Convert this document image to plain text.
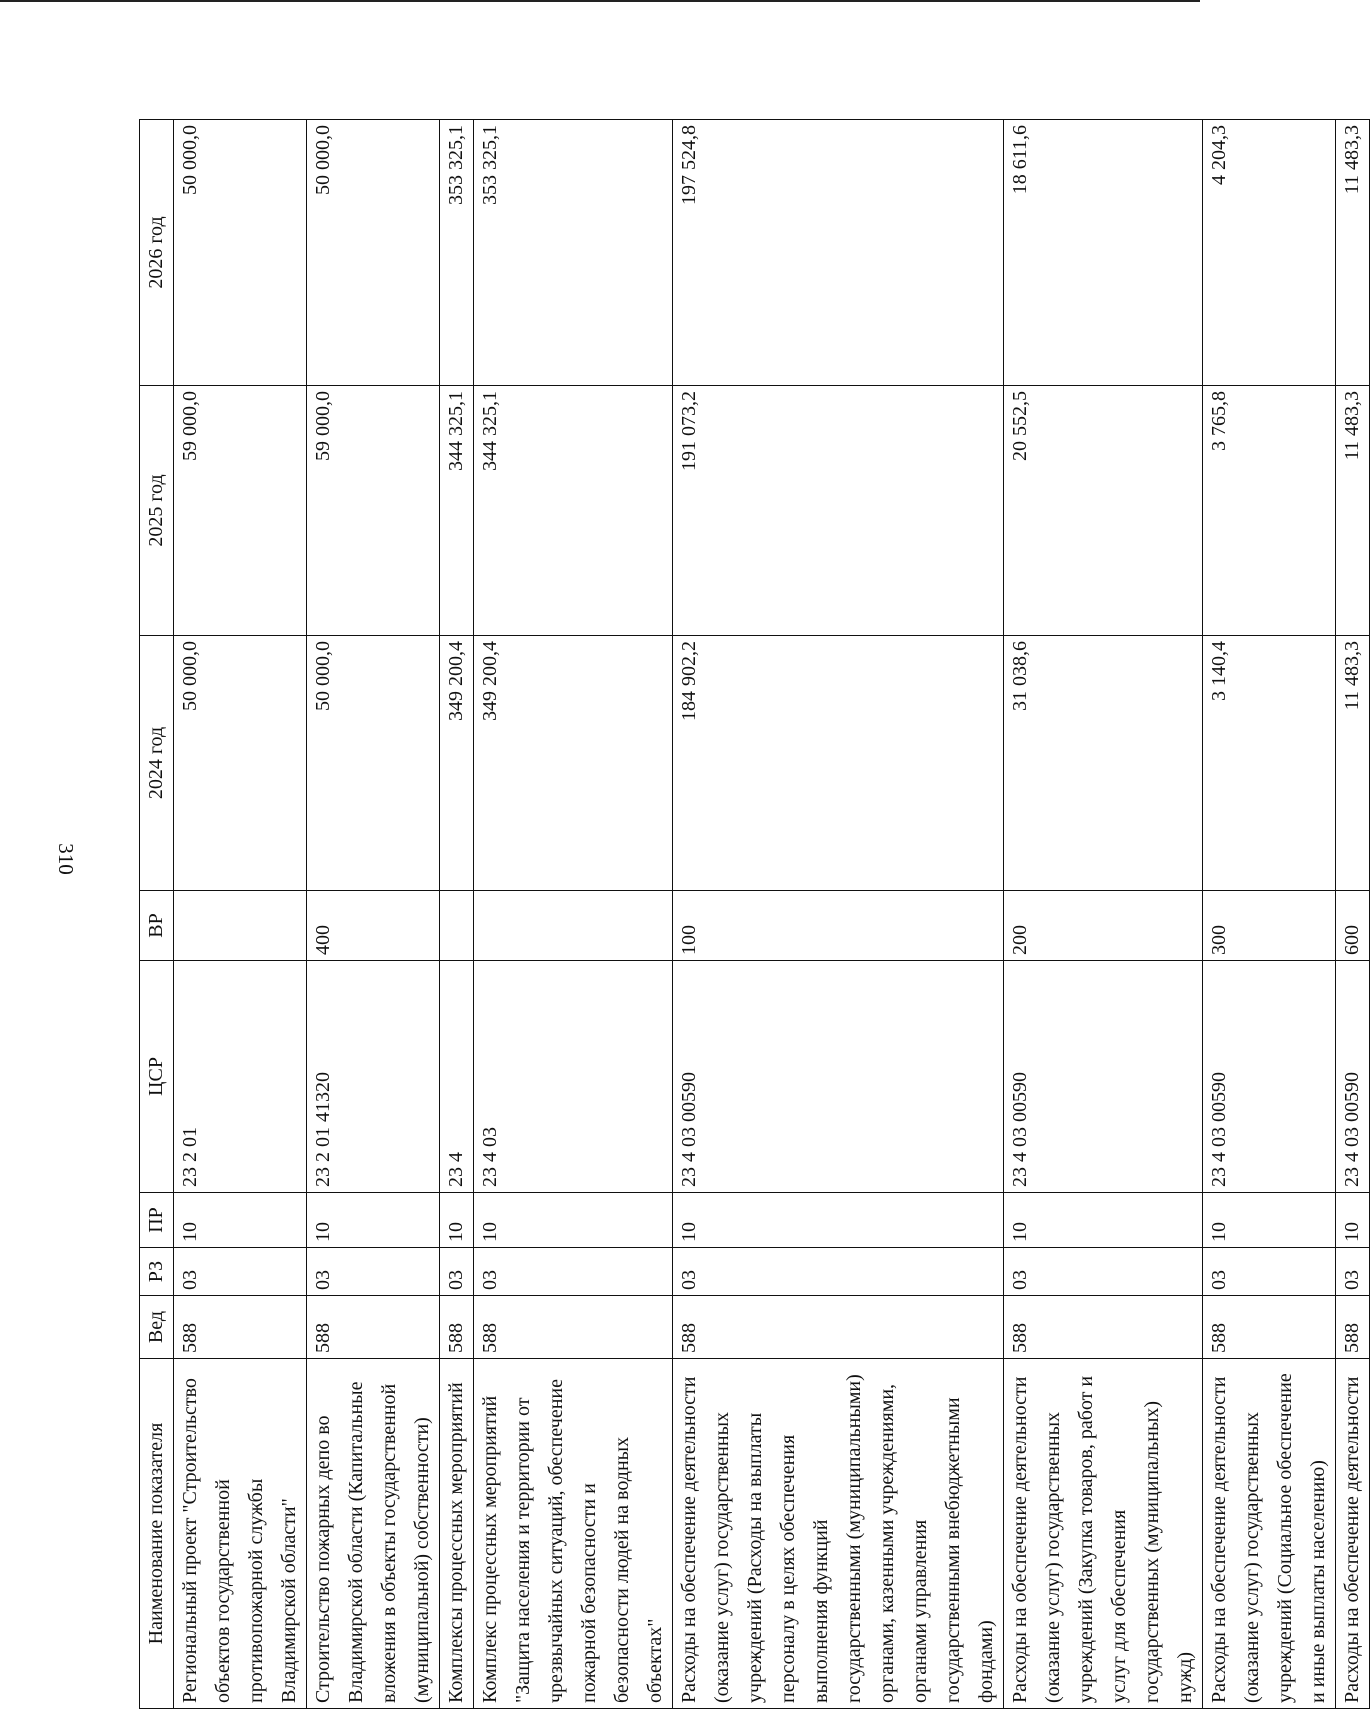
310
Наименование показателя	Вед	РЗ	ПР	ЦСР	ВР	2024 год	2025 год	2026 год
Региональный проект "Строительство объектов государственной противопожарной службы Владимирской области"	588	03	10	23 2 01		50 000,0	59 000,0	50 000,0
Строительство пожарных депо во Владимирской области (Капитальные вложения в объекты государственной (муниципальной) собственности)	588	03	10	23 2 01 41320	400	50 000,0	59 000,0	50 000,0
Комплексы процессных мероприятий	588	03	10	23 4		349 200,4	344 325,1	353 325,1
Комплекс процессных мероприятий "Защита населения и территории от чрезвычайных ситуаций, обеспечение пожарной безопасности и безопасности людей на водных объектах"	588	03	10	23 4 03		349 200,4	344 325,1	353 325,1
Расходы на обеспечение деятельности (оказание услуг) государственных учреждений (Расходы на выплаты персоналу в целях обеспечения выполнения функций государственными (муниципальными) органами, казенными учреждениями, органами управления государственными внебюджетными фондами)	588	03	10	23 4 03 00590	100	184 902,2	191 073,2	197 524,8
Расходы на обеспечение деятельности (оказание услуг) государственных учреждений (Закупка товаров, работ и услуг для обеспечения государственных (муниципальных) нужд)	588	03	10	23 4 03 00590	200	31 038,6	20 552,5	18 611,6
Расходы на обеспечение деятельности (оказание услуг) государственных учреждений (Социальное обеспечение и иные выплаты населению)	588	03	10	23 4 03 00590	300	3 140,4	3 765,8	4 204,3
Расходы на обеспечение деятельности	588	03	10	23 4 03 00590	600	11 483,3	11 483,3	11 483,3
